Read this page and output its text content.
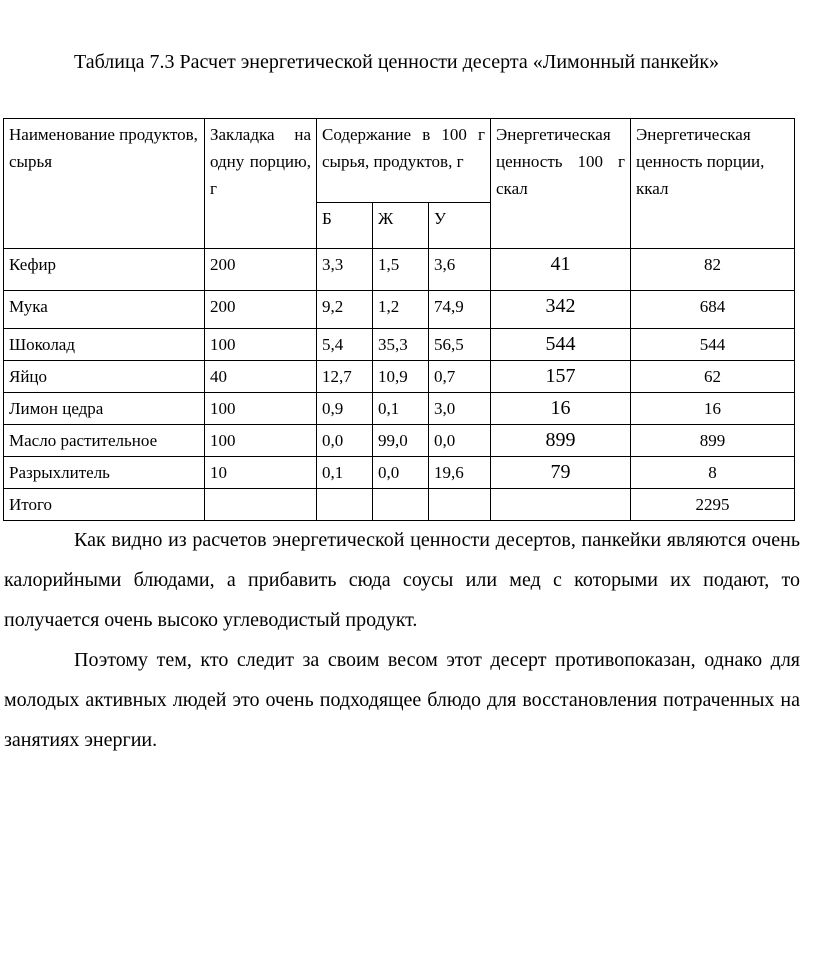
Таблица 7.3 Расчет энергетической ценности десерта «Лимонный панкейк»
Наименование продуктов, сырья	Закладка на одну порцию, г	Содержание в 100 г сырья, продуктов, г			Энергетическая ценность 100 г скал	Энергетическая ценность порции, ккал
		Б	Ж	У		
Кефир	200	3,3	1,5	3,6	41	82
Мука	200	9,2	1,2	74,9	342	684
Шоколад	100	5,4	35,3	56,5	544	544
Яйцо	40	12,7	10,9	0,7	157	62
Лимон цедра	100	0,9	0,1	3,0	16	16
Масло растительное	100	0,0	99,0	0,0	899	899
Разрыхлитель	10	0,1	0,0	19,6	79	8
Итого						2295

Как видно из расчетов энергетической ценности десертов, панкейки являются очень калорийными блюдами, а прибавить сюда соусы или мед с которыми их подают, то получается очень высоко углеводистый продукт.

Поэтому тем, кто следит за своим весом этот десерт противопоказан, однако для молодых активных людей это очень подходящее блюдо для восстановления потраченных на занятиях энергии.
